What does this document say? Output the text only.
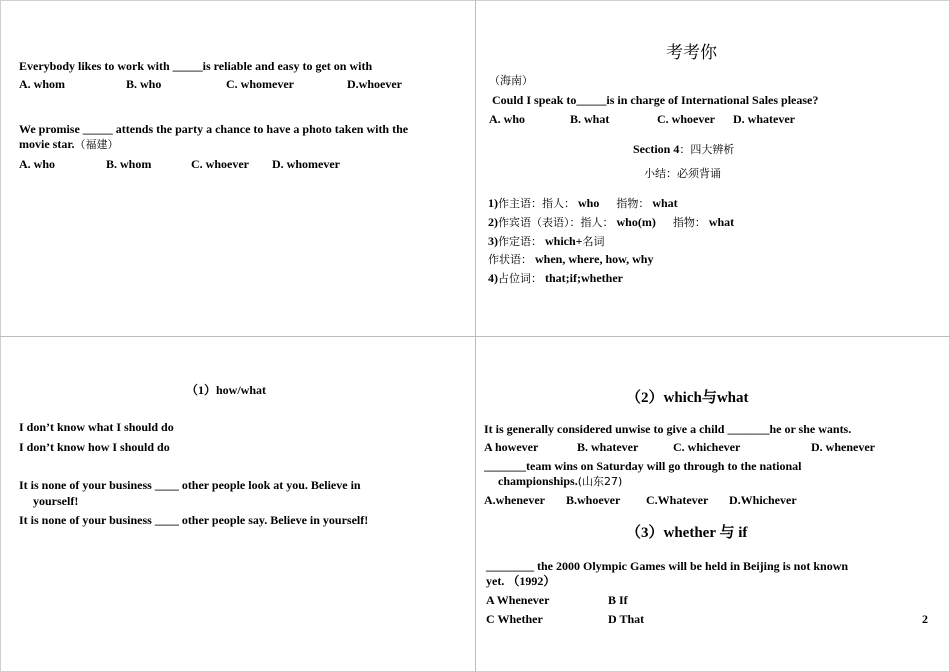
Everybody likes to work with _____is reliable and easy to get on with
A. whom	B. who	C. whomever	D.whoever
We promise _____ attends the party a chance to have a photo taken with the
movie star.（福建）
A. who	B. whom	C. whoever D. whomever
考考你
（海南）
Could I speak to_____is in charge of International Sales please?
A. who	B. what	C. whoever D. whatever
Section 4：四大辨析
小结：必须背诵
1)作主语：指人： who 指物： what
2)作宾语（表语）：指人： who(m) 指物： what
3)作定语： which+名词
作状语： when, where, how, why
4)占位词： that;if;whether
（1）how/what
I don’t know what I should do
I don’t know how I should do
It is none of your business ____ other people look at you. Believe in
yourself!
It is none of your business ____ other people say. Believe in yourself!
（2）which与what
It is generally considered unwise to give a child _______he or she wants.
A however	B. whatever	C. whichever	D. whenever
_______team wins on Saturday will go through to the national
championships.(山东27)
A.whenever B.whoever C.Whatever D.Whichever
（3）whether 与 if
________ the 2000 Olympic Games will be held in Beijing is not known
yet. （1992）
A Whenever	B If
C Whether	D That	2
